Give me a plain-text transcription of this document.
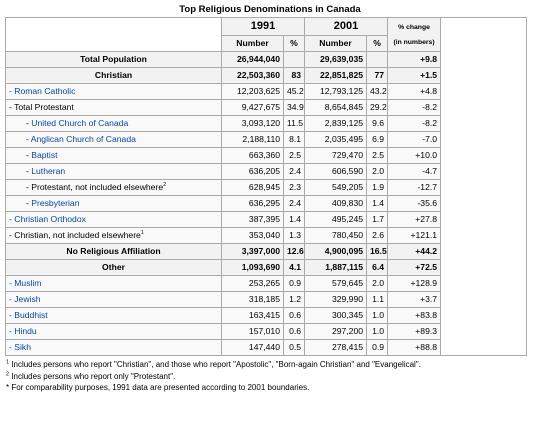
Top Religious Denominations in Canada
	1991		2001		% change
(in numbers)	
	Number	%	Number	%		
Total Population	26,944,040		29,639,035		+9.8	
Christian	22,503,360	83	22,851,825	77	+1.5	
- Roman Catholic	12,203,625	45.2	12,793,125	43.2	+4.8	
- Total Protestant	9,427,675	34.9	8,654,845	29.2	-8.2	
- United Church of Canada	3,093,120	11.5	2,839,125	9.6	-8.2	
- Anglican Church of Canada	2,188,110	8.1	2,035,495	6.9	-7.0	
- Baptist	663,360	2.5	729,470	2.5	+10.0	
- Lutheran	636,205	2.4	606,590	2.0	-4.7	
- Protestant, not included elsewhere$^2$	628,945	2.3	549,205	1.9	-12.7	
- Presbyterian	636,295	2.4	409,830	1.4	-35.6	
- Christian Orthodox	387,395	1.4	495,245	1.7	+27.8	
- Christian, not included elsewhere$^1$	353,040	1.3	780,450	2.6	+121.1	
No Religious Affiliation	3,397,000	12.6	4,900,095	16.5	+44.2	
Other	1,093,690	4.1	1,887,115	6.4	+72.5	
- Muslim	253,265	0.9	579,645	2.0	+128.9	
- Jewish	318,185	1.2	329,990	1.1	+3.7	
- Buddhist	163,415	0.6	300,345	1.0	+83.8	
- Hindu	157,010	0.6	297,200	1.0	+89.3	
- Sikh	147,440	0.5	278,415	0.9	+88.8	
$^1$ Includes persons who report "Christian", and those who report "Apostolic", "Born-again Christian" and "Evangelical".
$^2$ Includes persons who report only "Protestant".
* For comparability purposes, 1991 data are presented according to 2001 boundaries.
